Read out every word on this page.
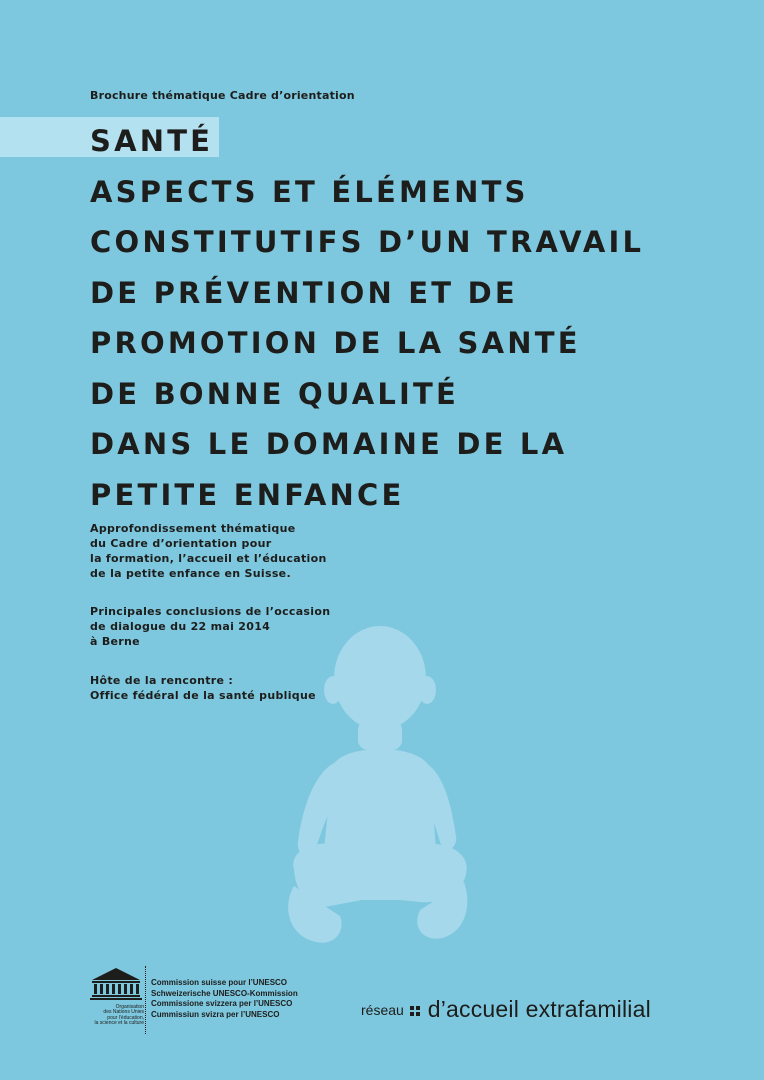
Brochure thématique Cadre d’orientation
SANTÉ
ASPECTS ET ÉLÉMENTS
CONSTITUTIFS D’UN TRAVAIL
DE PRÉVENTION ET DE
PROMOTION DE LA SANTÉ
DE BONNE QUALITÉ
DANS LE DOMAINE DE LA
PETITE ENFANCE
Approfondissement thématique
du Cadre d’orientation pour
la formation, l’accueil et l’éducation
de la petite enfance en Suisse.
Principales conclusions de l’occasion
de dialogue du 22 mai 2014
à Berne
Hôte de la rencontre :
Office fédéral de la santé publique
Organisation
des Nations Unies
pour l’éducation,
la science et la culture
Commission suisse pour l’UNESCO
Schweizerische UNESCO-Kommission
Commissione svizzera per l’UNESCO
Cummissiun svizra per l’UNESCO	réseau d’accueil extrafamilial
